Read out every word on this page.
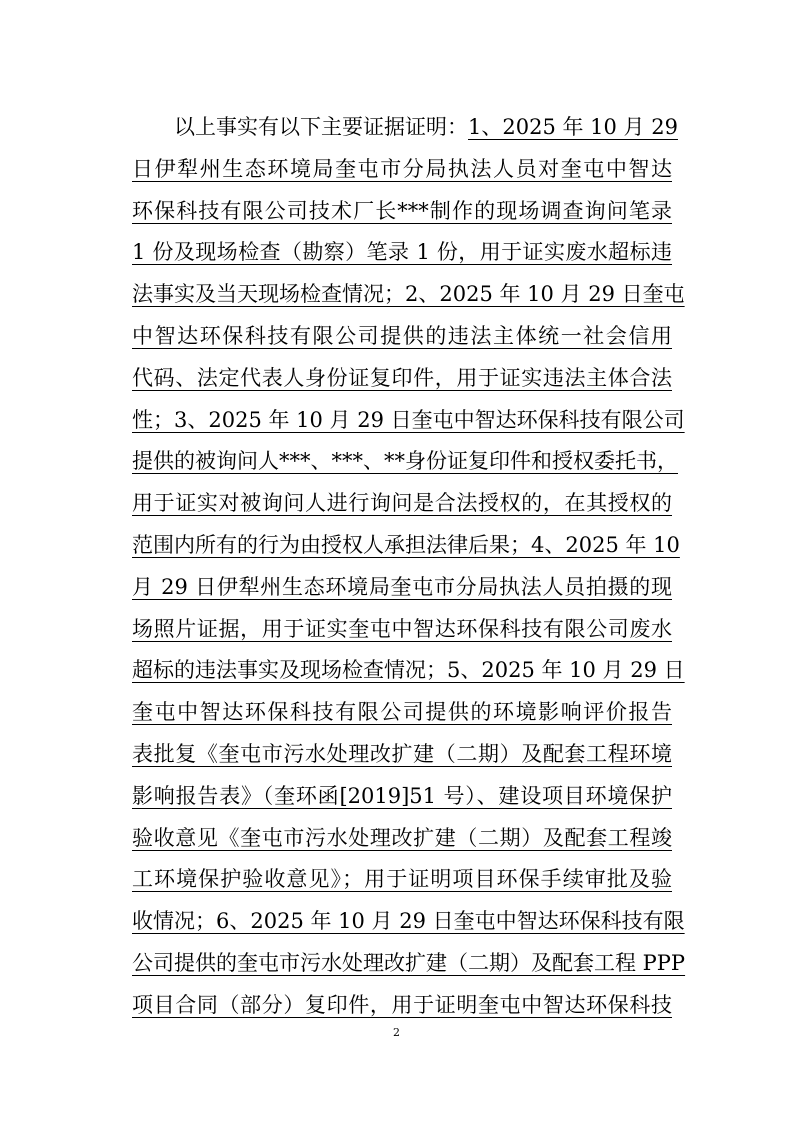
以上事实有以下主要证据证明：1、2025 年 10 月 29
日伊犁州生态环境局奎屯市分局执法人员对奎屯中智达
环保科技有限公司技术厂长***制作的现场调查询问笔录
1 份及现场检查（勘察）笔录 1 份，用于证实废水超标违
法事实及当天现场检查情况；2、2025 年 10 月 29 日奎屯
中智达环保科技有限公司提供的违法主体统一社会信用
代码、法定代表人身份证复印件，用于证实违法主体合法
性；3、2025 年 10 月 29 日奎屯中智达环保科技有限公司
提供的被询问人***、***、**身份证复印件和授权委托书，
用于证实对被询问人进行询问是合法授权的，在其授权的
范围内所有的行为由授权人承担法律后果；4、2025 年 10
月 29 日伊犁州生态环境局奎屯市分局执法人员拍摄的现
场照片证据，用于证实奎屯中智达环保科技有限公司废水
超标的违法事实及现场检查情况；5、2025 年 10 月 29 日
奎屯中智达环保科技有限公司提供的环境影响评价报告
表批复《奎屯市污水处理改扩建（二期）及配套工程环境
影响报告表》（奎环函[2019]51 号）、建设项目环境保护
验收意见《奎屯市污水处理改扩建（二期）及配套工程竣
工环境保护验收意见》；用于证明项目环保手续审批及验
收情况；6、2025 年 10 月 29 日奎屯中智达环保科技有限
公司提供的奎屯市污水处理改扩建（二期）及配套工程 PPP
项目合同（部分）复印件，用于证明奎屯中智达环保科技
2
